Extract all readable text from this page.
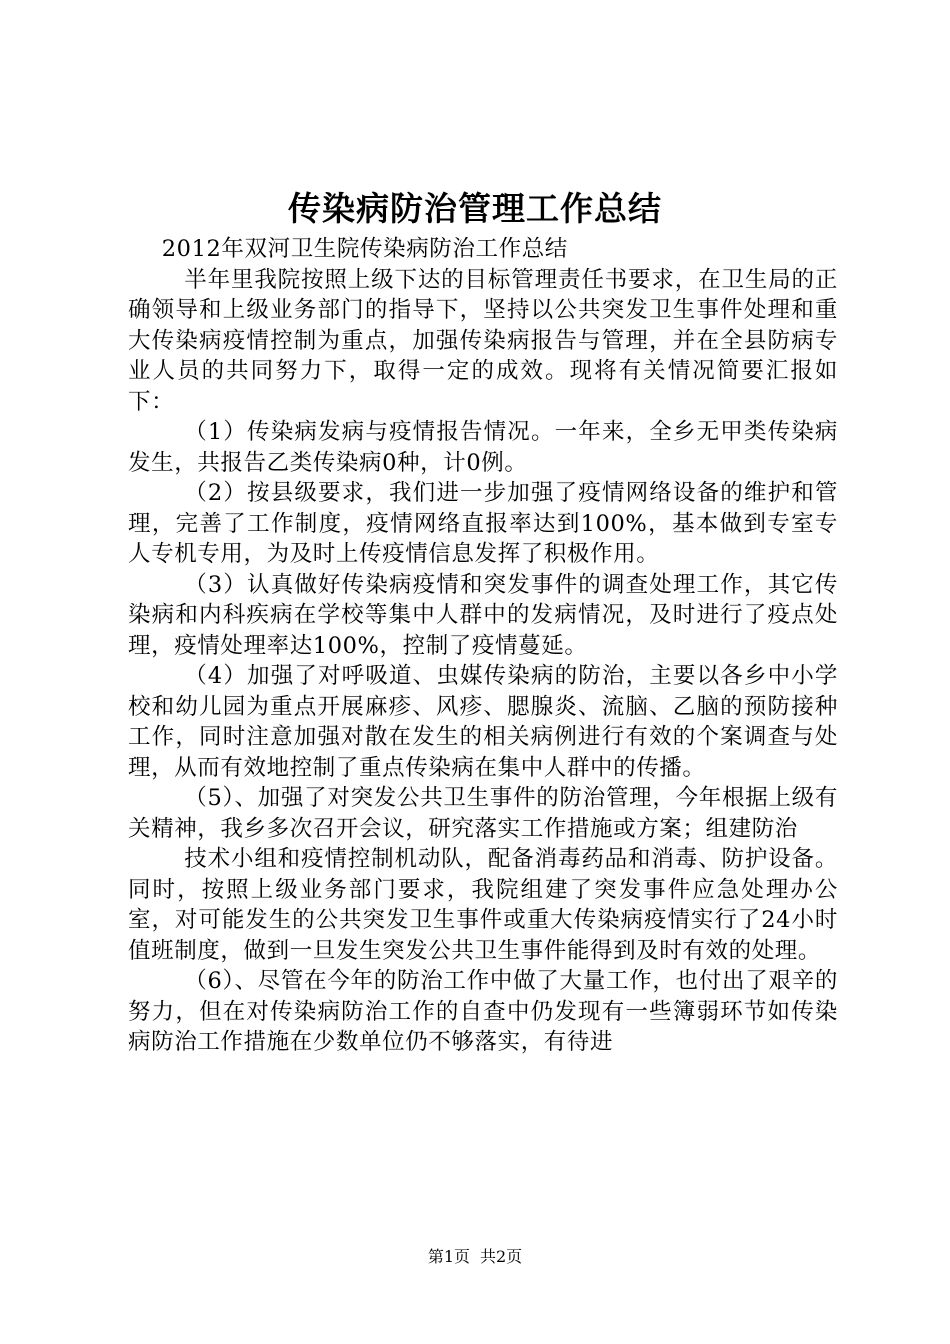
传染病防治管理工作总结

2012年双河卫生院传染病防治工作总结

半年里我院按照上级下达的目标管理责任书要求，在卫生局的正确领导和上级业务部门的指导下，坚持以公共突发卫生事件处理和重大传染病疫情控制为重点，加强传染病报告与管理，并在全县防病专业人员的共同努力下，取得一定的成效。现将有关情况简要汇报如下：

（1）传染病发病与疫情报告情况。一年来，全乡无甲类传染病发生，共报告乙类传染病0种，计0例。

（2）按县级要求，我们进一步加强了疫情网络设备的维护和管理，完善了工作制度，疫情网络直报率达到100%，基本做到专室专人专机专用，为及时上传疫情信息发挥了积极作用。

（3）认真做好传染病疫情和突发事件的调查处理工作，其它传染病和内科疾病在学校等集中人群中的发病情况，及时进行了疫点处理，疫情处理率达100%，控制了疫情蔓延。

（4）加强了对呼吸道、虫媒传染病的防治，主要以各乡中小学校和幼儿园为重点开展麻疹、风疹、腮腺炎、流脑、乙脑的预防接种工作，同时注意加强对散在发生的相关病例进行有效的个案调查与处理，从而有效地控制了重点传染病在集中人群中的传播。

（5）、加强了对突发公共卫生事件的防治管理，今年根据上级有关精神，我乡多次召开会议，研究落实工作措施或方案；组建防治

技术小组和疫情控制机动队，配备消毒药品和消毒、防护设备。同时，按照上级业务部门要求，我院组建了突发事件应急处理办公室，对可能发生的公共突发卫生事件或重大传染病疫情实行了24小时值班制度，做到一旦发生突发公共卫生事件能得到及时有效的处理。

（6）、尽管在今年的防治工作中做了大量工作，也付出了艰辛的努力，但在对传染病防治工作的自查中仍发现有一些簿弱环节如传染病防治工作措施在少数单位仍不够落实，有待进

第1页 共2页
